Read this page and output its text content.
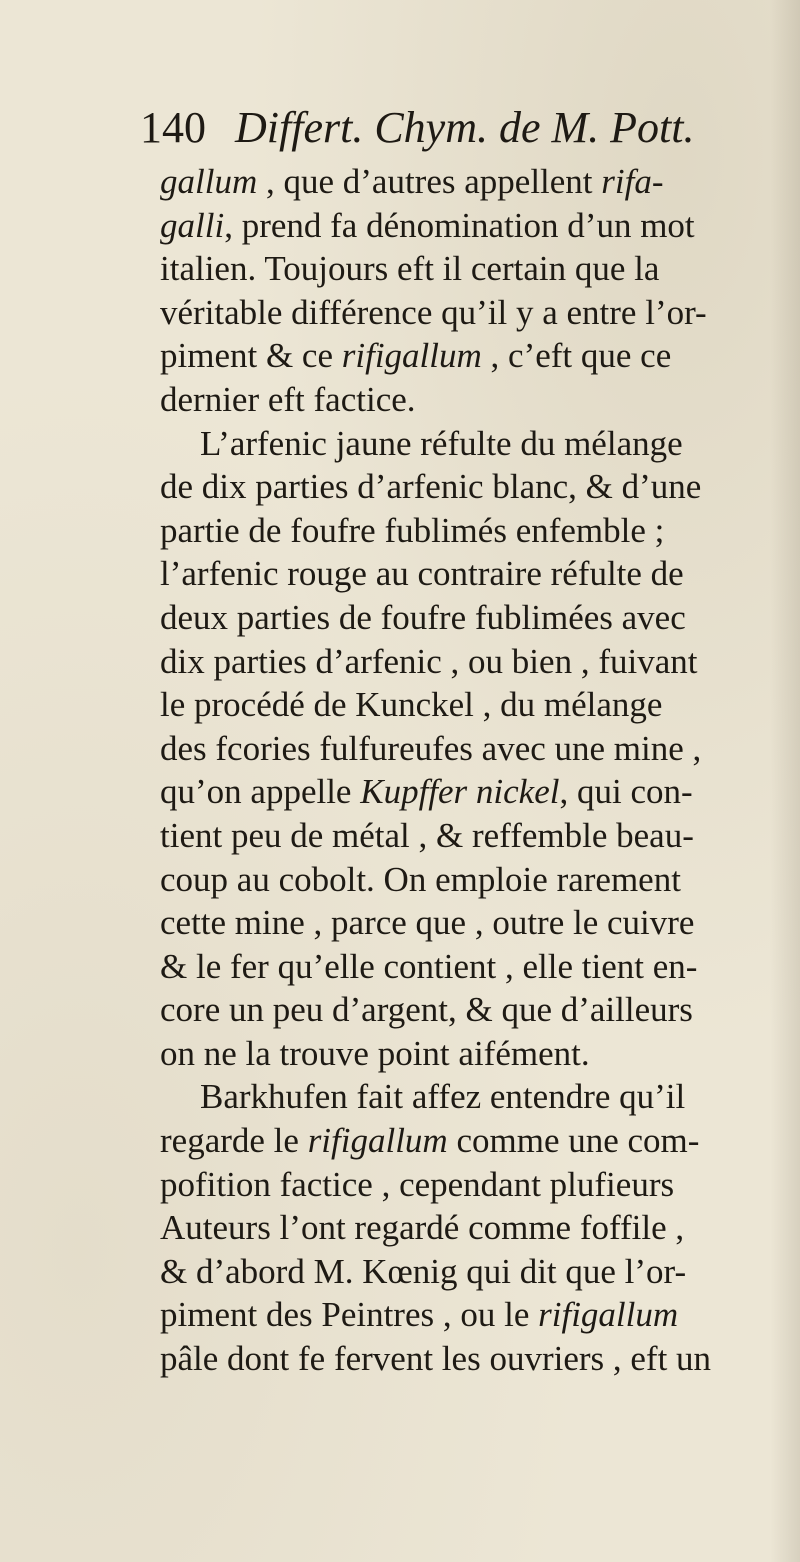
140 Differt. Chym. de M. Pott.
gallum , que d’autres appellent rifa-
galli, prend fa dénomination d’un mot
italien. Toujours eft il certain que la
véritable différence qu’il y a entre l’or-
piment & ce rifigallum , c’eft que ce
dernier eft factice.
L’arfenic jaune réfulte du mélange
de dix parties d’arfenic blanc, & d’une
partie de foufre fublimés enfemble ;
l’arfenic rouge au contraire réfulte de
deux parties de foufre fublimées avec
dix parties d’arfenic , ou bien , fuivant
le procédé de Kunckel , du mélange
des fcories fulfureufes avec une mine ,
qu’on appelle Kupffer nickel, qui con-
tient peu de métal , & reffemble beau-
coup au cobolt. On emploie rarement
cette mine , parce que , outre le cuivre
& le fer qu’elle contient , elle tient en-
core un peu d’argent, & que d’ailleurs
on ne la trouve point aifément.
Barkhufen fait affez entendre qu’il
regarde le rifigallum comme une com-
pofition factice , cependant plufieurs
Auteurs l’ont regardé comme foffile ,
& d’abord M. Kœnig qui dit que l’or-
piment des Peintres , ou le rifigallum
pâle dont fe fervent les ouvriers , eft un
